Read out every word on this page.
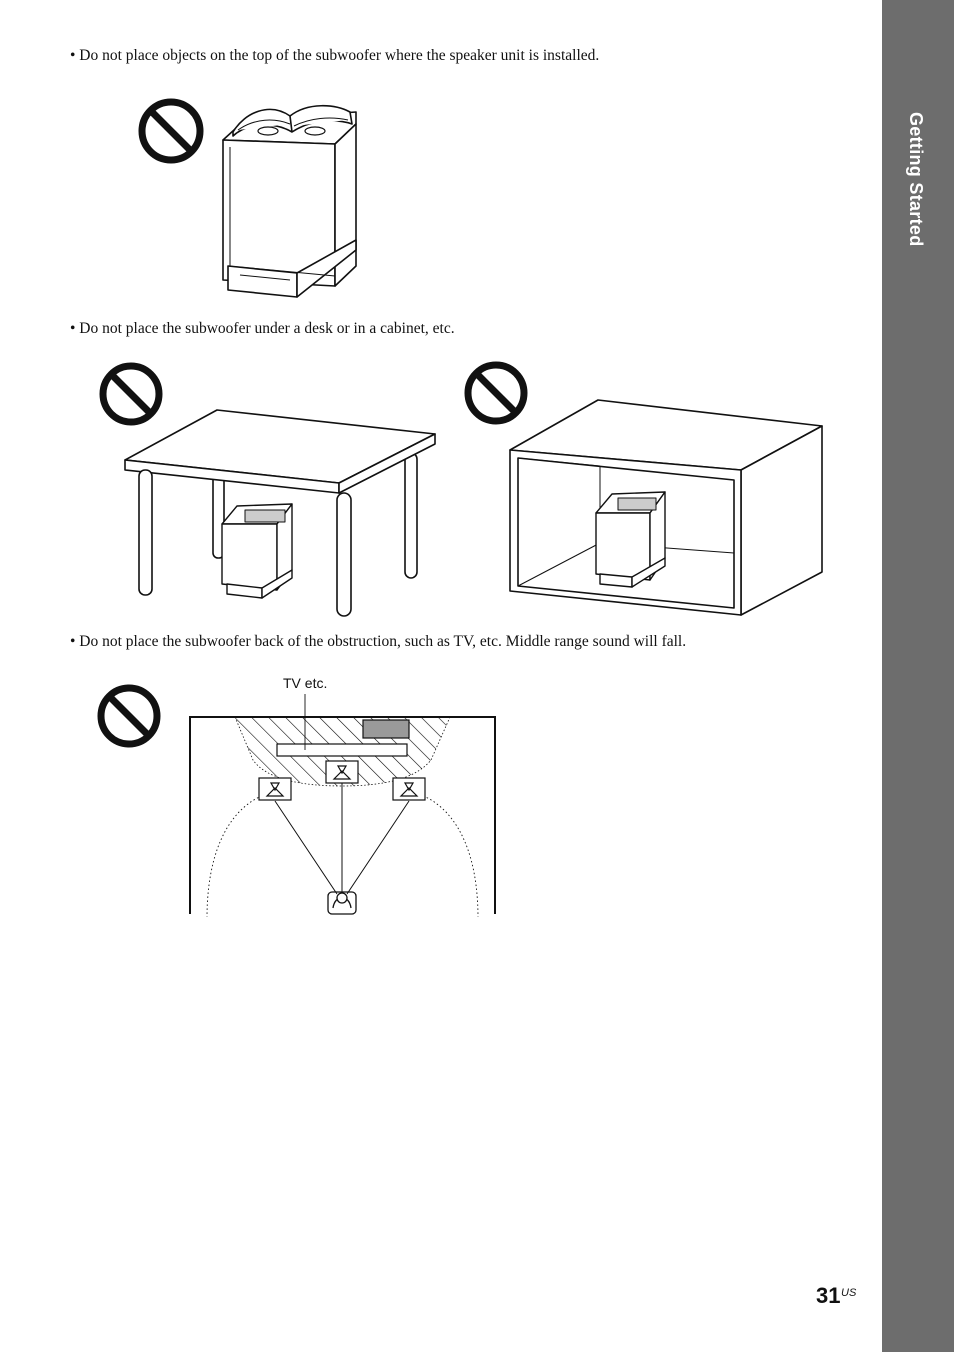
Getting Started
• Do not place objects on the top of the subwoofer where the speaker unit is installed.
• Do not place the subwoofer under a desk or in a cabinet, etc.
• Do not place the subwoofer back of the obstruction, such as TV, etc. Middle range sound will fall.
TV etc.
31 US
